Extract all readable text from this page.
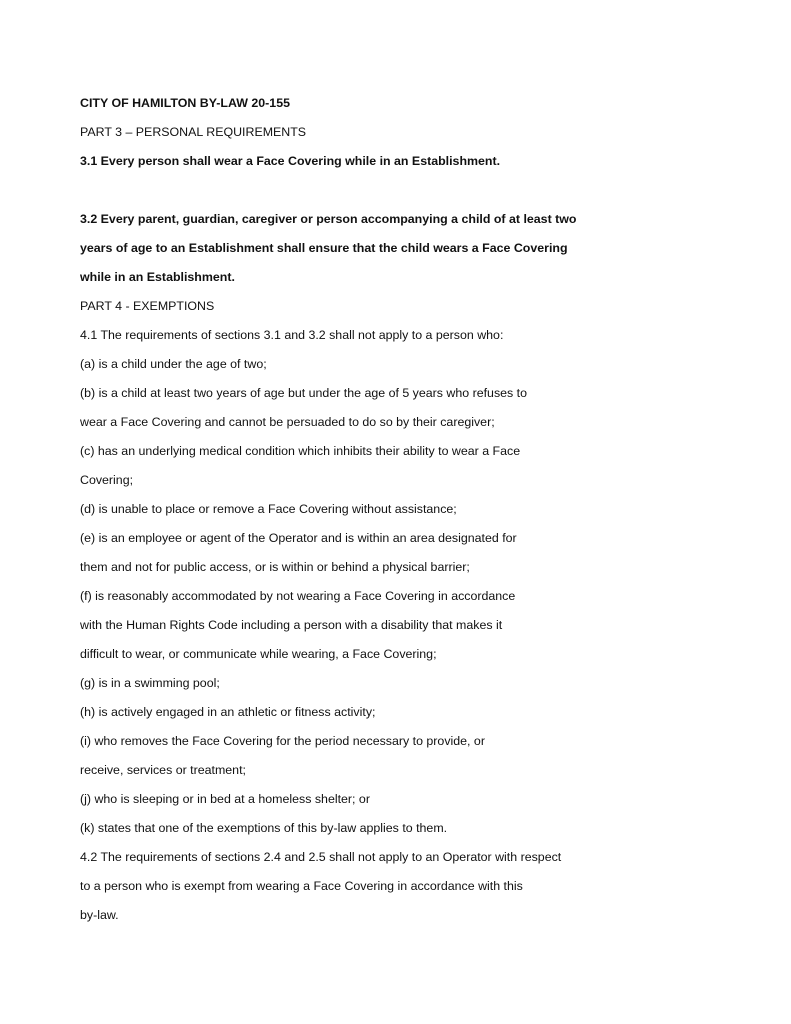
CITY OF HAMILTON BY-LAW 20-155
PART 3 – PERSONAL REQUIREMENTS
3.1 Every person shall wear a Face Covering while in an Establishment.
3.2 Every parent, guardian, caregiver or person accompanying a child of at least two
years of age to an Establishment shall ensure that the child wears a Face Covering
while in an Establishment.
PART 4 - EXEMPTIONS
4.1 The requirements of sections 3.1 and 3.2 shall not apply to a person who:
(a) is a child under the age of two;
(b) is a child at least two years of age but under the age of 5 years who refuses to
wear a Face Covering and cannot be persuaded to do so by their caregiver;
(c) has an underlying medical condition which inhibits their ability to wear a Face
Covering;
(d) is unable to place or remove a Face Covering without assistance;
(e) is an employee or agent of the Operator and is within an area designated for
them and not for public access, or is within or behind a physical barrier;
(f) is reasonably accommodated by not wearing a Face Covering in accordance
with the Human Rights Code including a person with a disability that makes it
difficult to wear, or communicate while wearing, a Face Covering;
(g) is in a swimming pool;
(h) is actively engaged in an athletic or fitness activity;
(i) who removes the Face Covering for the period necessary to provide, or
receive, services or treatment;
(j) who is sleeping or in bed at a homeless shelter; or
(k) states that one of the exemptions of this by-law applies to them.
4.2 The requirements of sections 2.4 and 2.5 shall not apply to an Operator with respect
to a person who is exempt from wearing a Face Covering in accordance with this
by-law.
